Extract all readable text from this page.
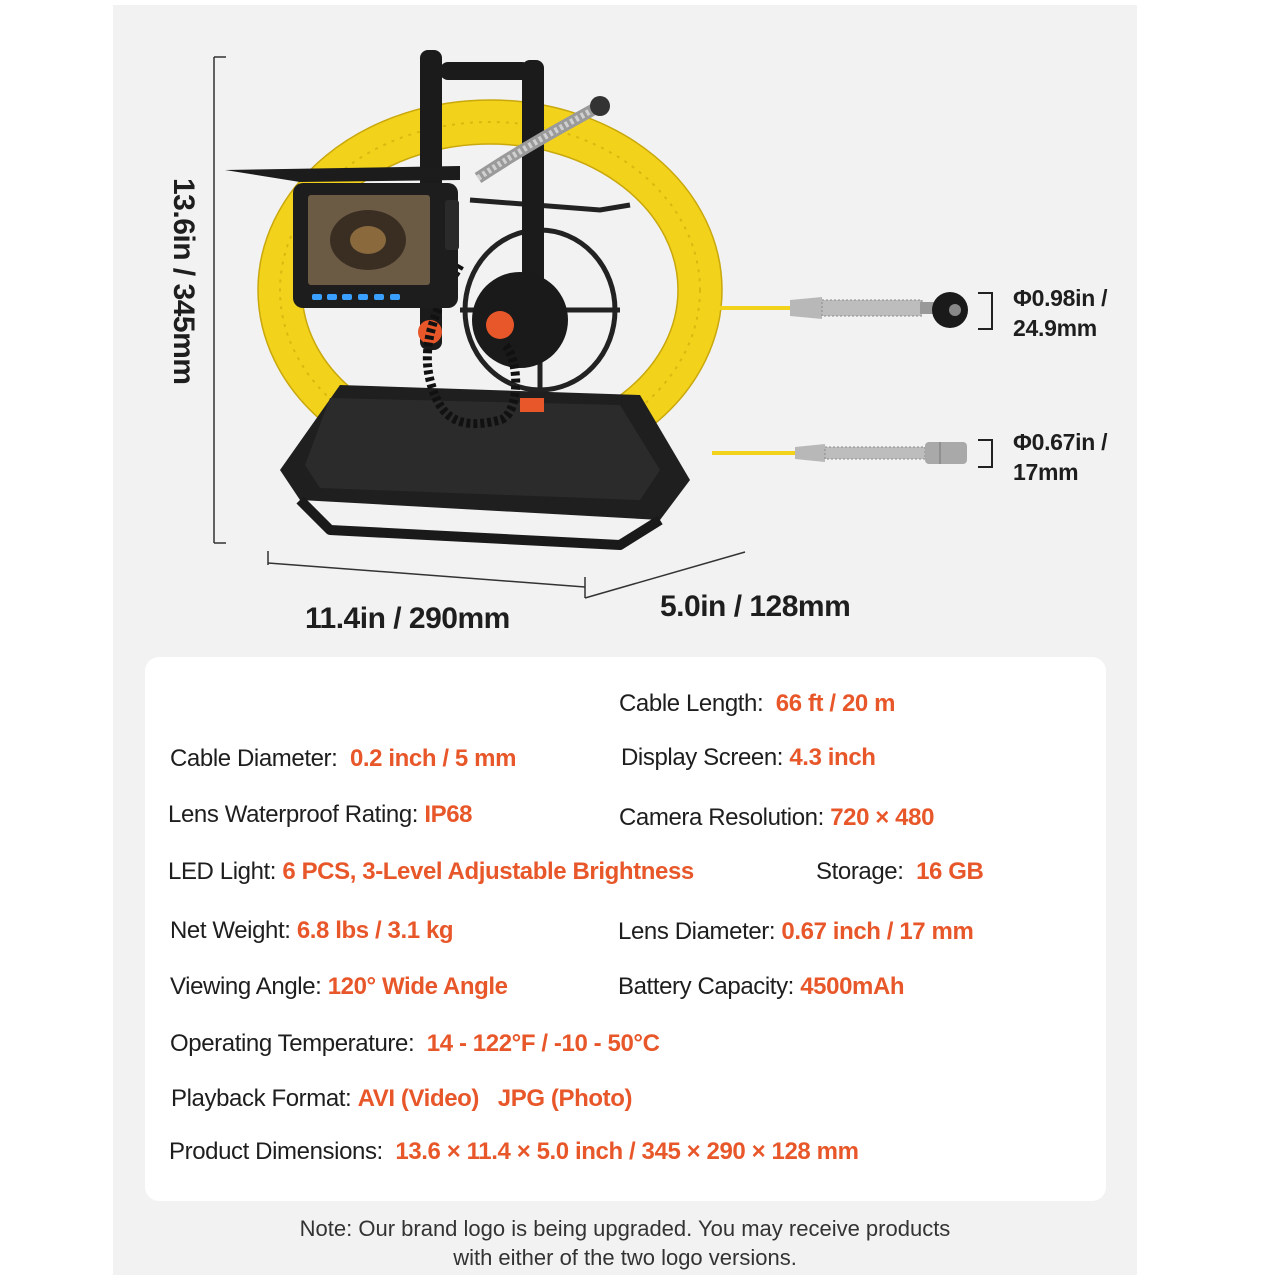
13.6in / 345mm
11.4in / 290mm	5.0in / 128mm
Φ0.98in /
24.9mm
Φ0.67in /
17mm
Cable Length: 66 ft / 20 m
Cable Diameter: 0.2 inch / 5 mm	Display Screen: 4.3 inch
Lens Waterproof Rating: IP68	Camera Resolution: 720 × 480
LED Light: 6 PCS, 3-Level Adjustable Brightness	Storage: 16 GB
Net Weight: 6.8 lbs / 3.1 kg	Lens Diameter: 0.67 inch / 17 mm
Viewing Angle: 120° Wide Angle	Battery Capacity: 4500mAh
Operating Temperature: 14 - 122°F / -10 - 50°C
Playback Format: AVI (Video)   JPG (Photo)
Product Dimensions: 13.6 × 11.4 × 5.0 inch / 345 × 290 × 128 mm
Note: Our brand logo is being upgraded. You may receive products
with either of the two logo versions.
